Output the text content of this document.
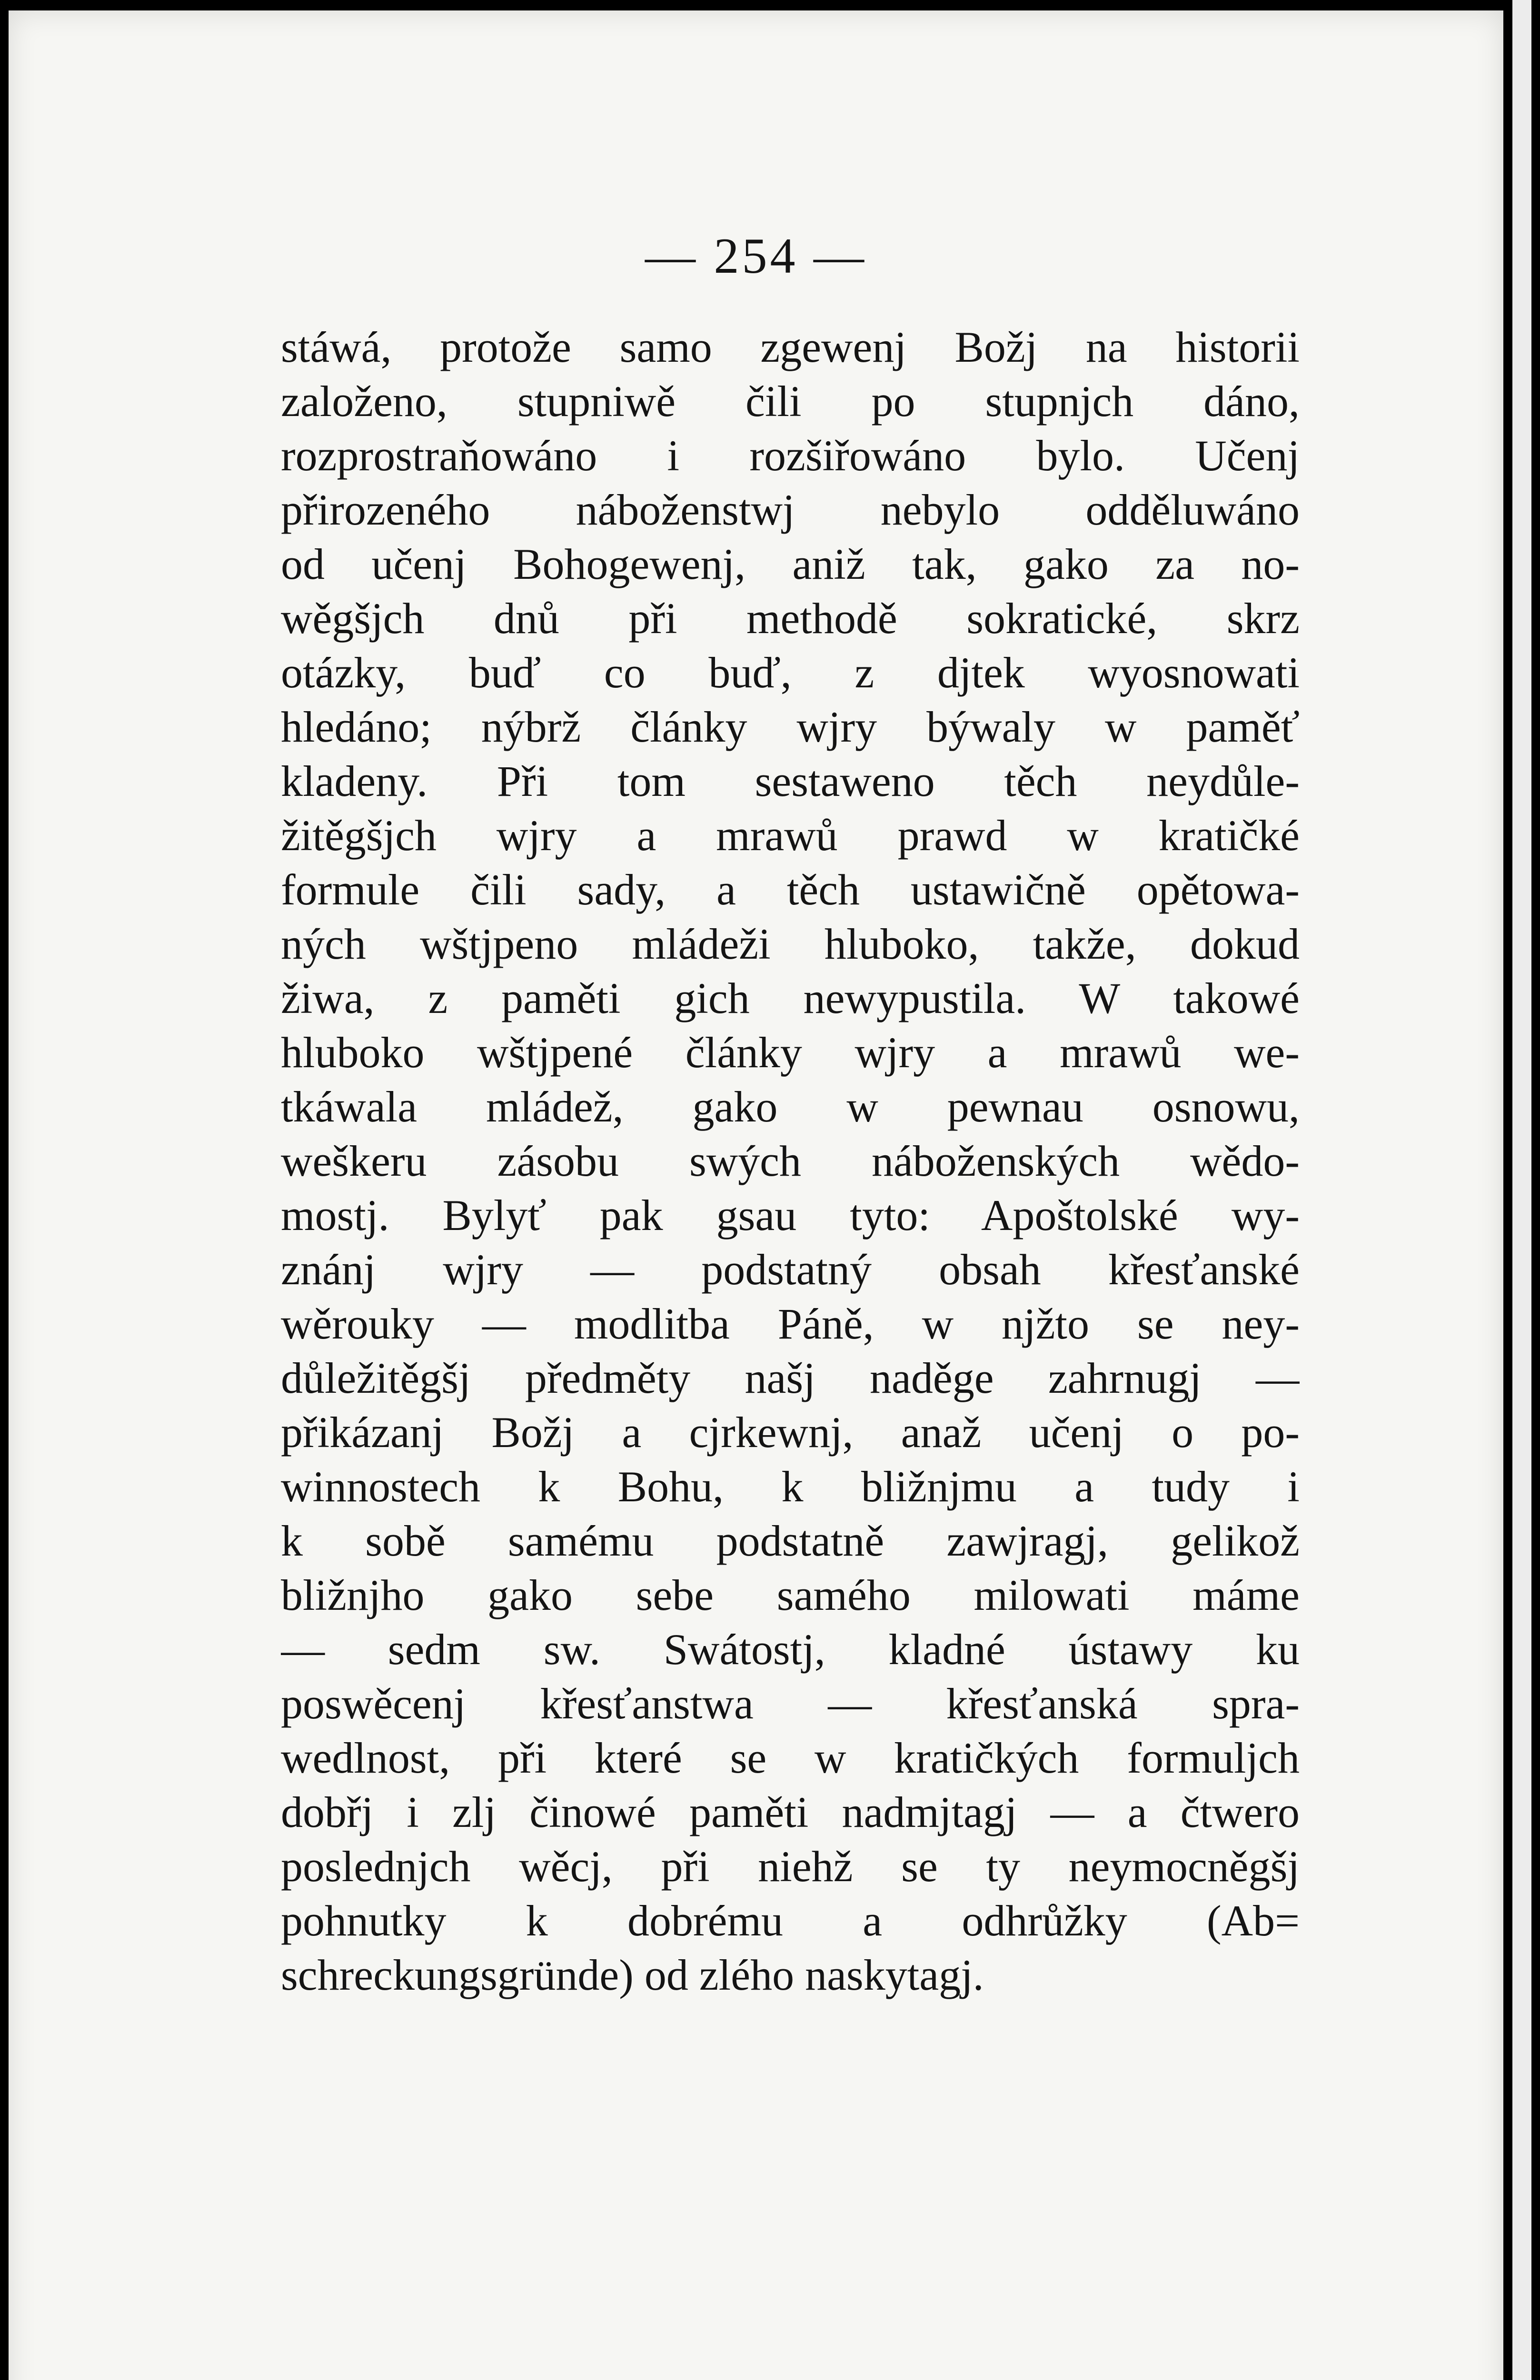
— 254 —
stáwá, protože samo zgewenj Božj na historii
založeno, stupniwě čili po stupnjch dáno,
rozprostraňowáno i rozšiřowáno bylo. Učenj
přirozeného náboženstwj nebylo odděluwáno
od učenj Bohogewenj, aniž tak, gako za no-
wěgšjch dnů při methodě sokratické, skrz
otázky, buď co buď, z djtek wyosnowati
hledáno; nýbrž články wjry býwaly w paměť
kladeny. Při tom sestaweno těch neydůle-
žitěgšjch wjry a mrawů prawd w kratičké
formule čili sady, a těch ustawičně opětowa-
ných wštjpeno mládeži hluboko, takže, dokud
žiwa, z paměti gich newypustila. W takowé
hluboko wštjpené články wjry a mrawů we-
tkáwala mládež, gako w pewnau osnowu,
weškeru zásobu swých náboženských wědo-
mostj. Bylyť pak gsau tyto: Apoštolské wy-
znánj wjry — podstatný obsah křesťanské
wěrouky — modlitba Páně, w njžto se ney-
důležitěgšj předměty našj naděge zahrnugj —
přikázanj Božj a cjrkewnj, anaž učenj o po-
winnostech k Bohu, k bližnjmu a tudy i
k sobě samému podstatně zawjragj, gelikož
bližnjho gako sebe samého milowati máme
— sedm sw. Swátostj, kladné ústawy ku
poswěcenj křesťanstwa — křesťanská spra-
wedlnost, při které se w kratičkých formuljch
dobřj i zlj činowé paměti nadmjtagj — a čtwero
poslednjch wěcj, při niehž se ty neymocněgšj
pohnutky k dobrému a odhrůžky (Ab=
schreckungsgründe) od zlého naskytagj.
